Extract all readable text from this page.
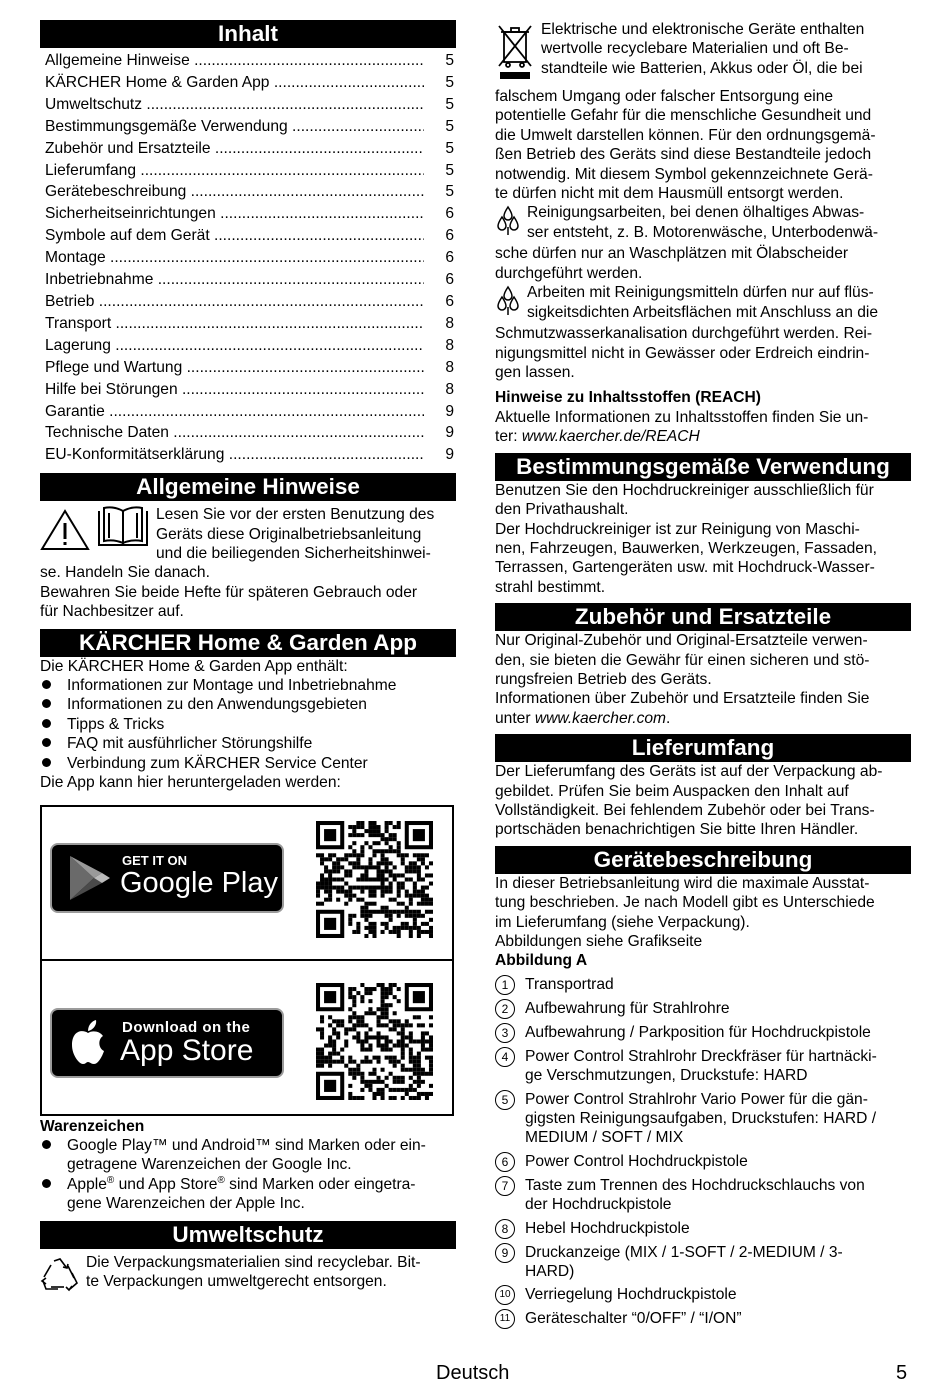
Inhalt
Allgemeine Hinweise .....	5
KÄRCHER Home & Garden App .....	5
Umweltschutz .....	5
Bestimmungsgemäße Verwendung .....	5
Zubehör und Ersatzteile .....	5
Lieferumfang .....	5
Gerätebeschreibung .....	5
Sicherheitseinrichtungen .....	6
Symbole auf dem Gerät .....	6
Montage .....	6
Inbetriebnahme .....	6
Betrieb .....	6
Transport .....	8
Lagerung .....	8
Pflege und Wartung .....	8
Hilfe bei Störungen .....	8
Garantie .....	9
Technische Daten .....	9
EU-Konformitätserklärung .....	9
Allgemeine Hinweise
Lesen Sie vor der ersten Benutzung des
Geräts diese Originalbetriebsanleitung
und die beiliegenden Sicherheitshinwei-
se. Handeln Sie danach.
Bewahren Sie beide Hefte für späteren Gebrauch oder
für Nachbesitzer auf.
KÄRCHER Home & Garden App
Die KÄRCHER Home & Garden App enthält:
Informationen zur Montage und Inbetriebnahme
Informationen zu den Anwendungsgebieten
Tipps & Tricks
FAQ mit ausführlicher Störungshilfe
Verbindung zum KÄRCHER Service Center
Die App kann hier heruntergeladen werden:
GET IT ON
Google Play
Download on the
App Store
Warenzeichen
Google Play™ und Android™ sind Marken oder ein-
getragene Warenzeichen der Google Inc.
Apple® und App Store® sind Marken oder eingetra-
gene Warenzeichen der Apple Inc.
Umweltschutz
Die Verpackungsmaterialien sind recyclebar. Bit-
te Verpackungen umweltgerecht entsorgen.
Elektrische und elektronische Geräte enthalten
wertvolle recyclebare Materialien und oft Be-
standteile wie Batterien, Akkus oder Öl, die bei
falschem Umgang oder falscher Entsorgung eine
potentielle Gefahr für die menschliche Gesundheit und
die Umwelt darstellen können. Für den ordnungsgemä-
ßen Betrieb des Geräts sind diese Bestandteile jedoch
notwendig. Mit diesem Symbol gekennzeichnete Gerä-
te dürfen nicht mit dem Hausmüll entsorgt werden.
Reinigungsarbeiten, bei denen ölhaltiges Abwas-
ser entsteht, z. B. Motorenwäsche, Unterbodenwä-
sche dürfen nur an Waschplätzen mit Ölabscheider
durchgeführt werden.
Arbeiten mit Reinigungsmitteln dürfen nur auf flüs-
sigkeitsdichten Arbeitsflächen mit Anschluss an die
Schmutzwasserkanalisation durchgeführt werden. Rei-
nigungsmittel nicht in Gewässer oder Erdreich eindrin-
gen lassen.
Hinweise zu Inhaltsstoffen (REACH)
Aktuelle Informationen zu Inhaltsstoffen finden Sie un-
ter: www.kaercher.de/REACH
Bestimmungsgemäße Verwendung
Benutzen Sie den Hochdruckreiniger ausschließlich für
den Privathaushalt.
Der Hochdruckreiniger ist zur Reinigung von Maschi-
nen, Fahrzeugen, Bauwerken, Werkzeugen, Fassaden,
Terrassen, Gartengeräten usw. mit Hochdruck-Wasser-
strahl bestimmt.
Zubehör und Ersatzteile
Nur Original-Zubehör und Original-Ersatzteile verwen-
den, sie bieten die Gewähr für einen sicheren und stö-
rungsfreien Betrieb des Geräts.
Informationen über Zubehör und Ersatzteile finden Sie
unter www.kaercher.com.
Lieferumfang
Der Lieferumfang des Geräts ist auf der Verpackung ab-
gebildet. Prüfen Sie beim Auspacken den Inhalt auf
Vollständigkeit. Bei fehlendem Zubehör oder bei Trans-
portschäden benachrichtigen Sie bitte Ihren Händler.
Gerätebeschreibung
In dieser Betriebsanleitung wird die maximale Ausstat-
tung beschrieben. Je nach Modell gibt es Unterschiede
im Lieferumfang (siehe Verpackung).
Abbildungen siehe Grafikseite
Abbildung A
1	Transportrad
2	Aufbewahrung für Strahlrohre
3	Aufbewahrung / Parkposition für Hochdruckpistole
4	Power Control Strahlrohr Dreckfräser für hartnäcki-
ge Verschmutzungen, Druckstufe: HARD
5	Power Control Strahlrohr Vario Power für die gän-
gigsten Reinigungsaufgaben, Druckstufen: HARD /
MEDIUM / SOFT / MIX
6	Power Control Hochdruckpistole
7	Taste zum Trennen des Hochdruckschlauchs von
der Hochdruckpistole
8	Hebel Hochdruckpistole
9	Druckanzeige (MIX / 1-SOFT / 2-MEDIUM / 3-
HARD)
10 Verriegelung Hochdruckpistole
11 Geräteschalter “0/OFF” / “I/ON”
Deutsch	5
